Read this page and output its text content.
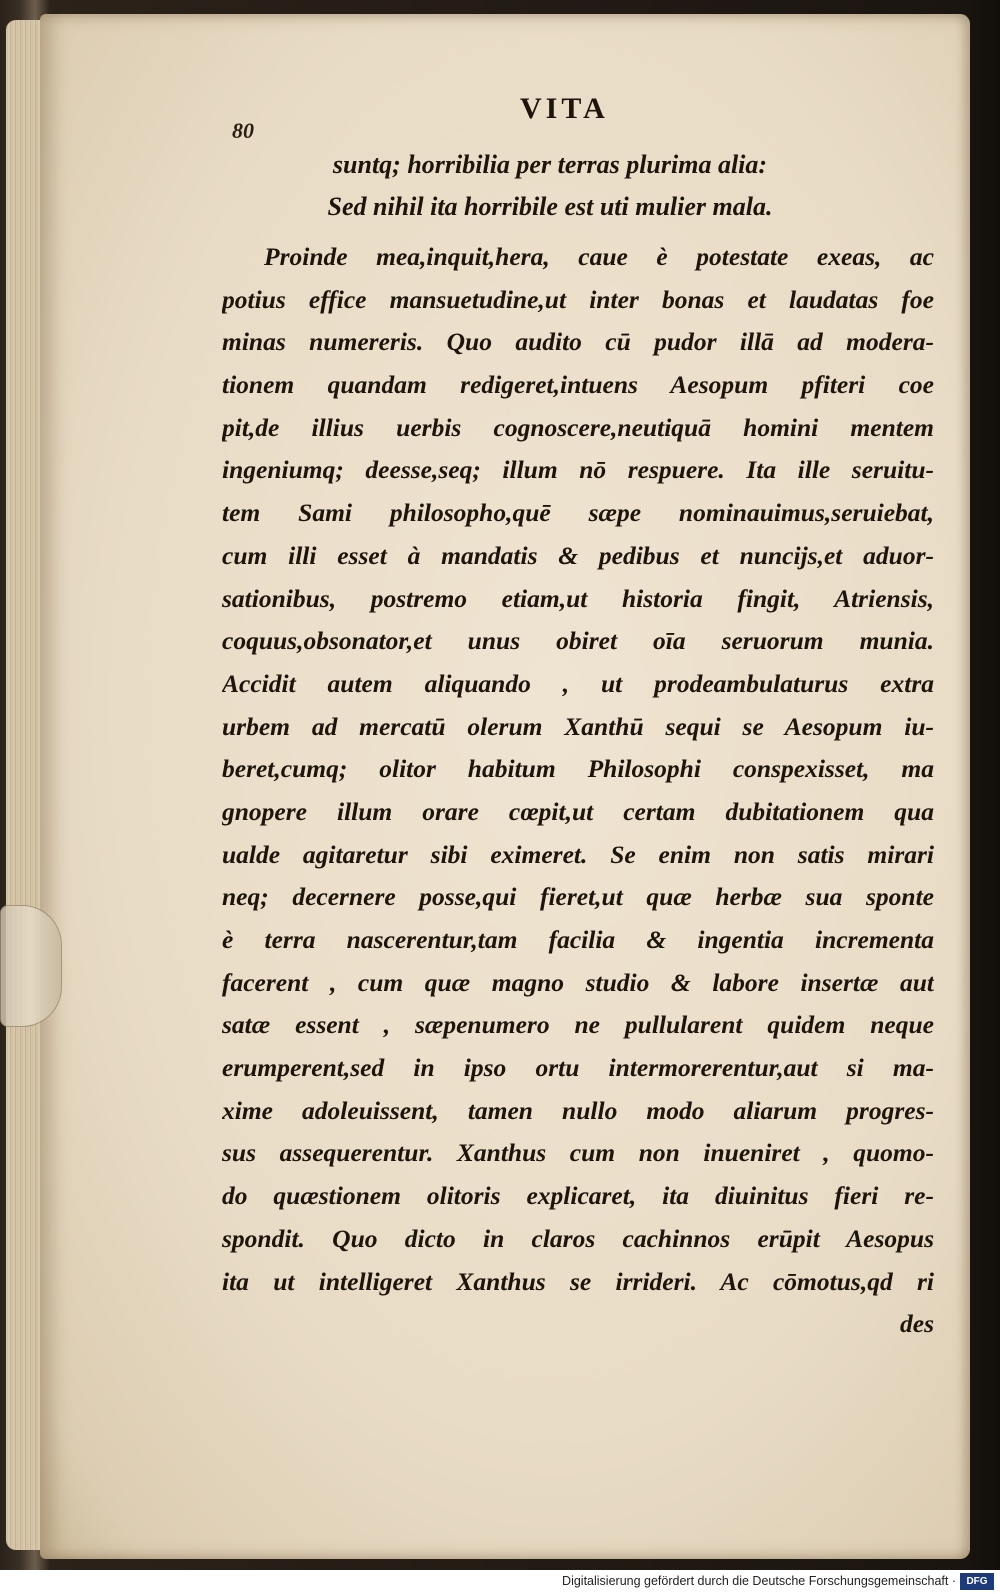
80
VITA
suntq; horribilia per terras plurima alia:
Sed nihil ita horribile est uti mulier mala.
Proinde mea,inquit,hera, caue è potestate exeas, ac
potius effice mansuetudine,ut inter bonas et laudatas foe
minas numereris. Quo audito cū pudor illā ad modera-
tionem quandam redigeret,intuens Aesopum pfiteri coe
pit,de illius uerbis cognoscere,neutiquā homini mentem
ingeniumq; deesse,seq; illum nō respuere. Ita ille seruitu-
tem Sami philosopho,quē sæpe nominauimus,seruiebat,
cum illi esset à mandatis & pedibus et nuncijs,et aduor-
sationibus, postremo etiam,ut historia fingit, Atriensis,
coquus,obsonator,et unus obiret oīa seruorum munia.
Accidit autem aliquando , ut prodeambulaturus extra
urbem ad mercatū olerum Xanthū sequi se Aesopum iu-
beret,cumq; olitor habitum Philosophi conspexisset, ma
gnopere illum orare cœpit,ut certam dubitationem qua
ualde agitaretur sibi eximeret. Se enim non satis mirari
neq; decernere posse,qui fieret,ut quæ herbæ sua sponte
è terra nascerentur,tam facilia & ingentia incrementa
facerent , cum quæ magno studio & labore insertæ aut
satæ essent , sæpenumero ne pullularent quidem neque
erumperent,sed in ipso ortu intermorerentur,aut si ma-
xime adoleuissent, tamen nullo modo aliarum progres-
sus assequerentur. Xanthus cum non inueniret , quomo-
do quæstionem olitoris explicaret, ita diuinitus fieri re-
spondit. Quo dicto in claros cachinnos erūpit Aesopus
ita ut intelligeret Xanthus se irrideri. Ac cōmotus,qd ri
des
Digitalisierung gefördert durch die Deutsche Forschungsgemeinschaft ·	DFG
